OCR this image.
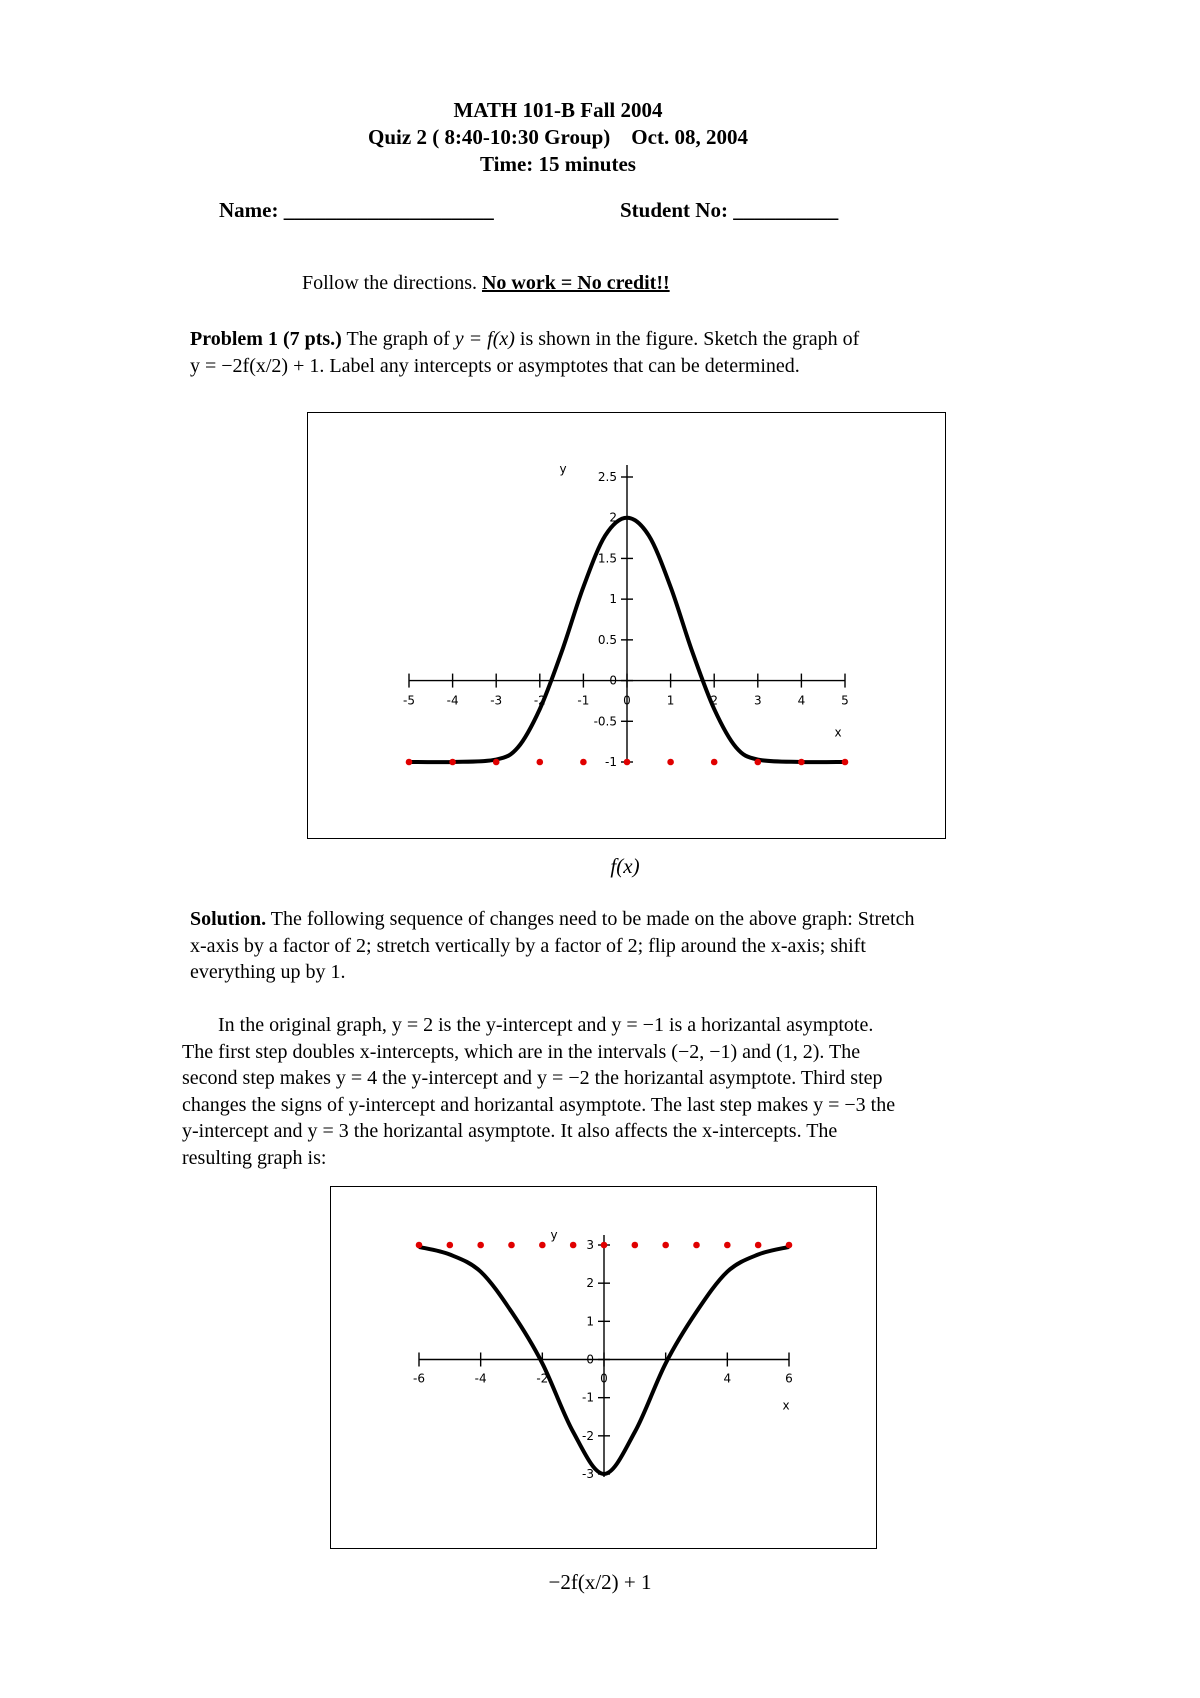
MATH 101-B Fall 2004
Quiz 2 ( 8:40-10:30 Group)    Oct. 08, 2004
Time: 15 minutes
Name: ____________________	Student No: __________
Follow the directions. No work = No credit!!
Problem 1 (7 pts.) The graph of y = f(x) is shown in the figure. Sketch the graph of
y = −2f(x/2) + 1. Label any intercepts or asymptotes that can be determined.
-5	-4	-3	-2	-1	0	1	2	3	4	5
2.5
2
1.5
1
0.5
0
-0.5
-1
x
y
f(x)
Solution. The following sequence of changes need to be made on the above graph: Stretch
x-axis by a factor of 2; stretch vertically by a factor of 2; flip around the x-axis; shift
everything up by 1.
In the original graph, y = 2 is the y-intercept and y = −1 is a horizantal asymptote.
The first step doubles x-intercepts, which are in the intervals (−2, −1) and (1, 2). The
second step makes y = 4 the y-intercept and y = −2 the horizantal asymptote. Third step
changes the signs of y-intercept and horizantal asymptote. The last step makes y = −3 the
y-intercept and y = 3 the horizantal asymptote. It also affects the x-intercepts. The
resulting graph is:
-6	-4	-2	0	4	6
3
2
1
0
-1
-2
-3
x
y
−2f(x/2) + 1
